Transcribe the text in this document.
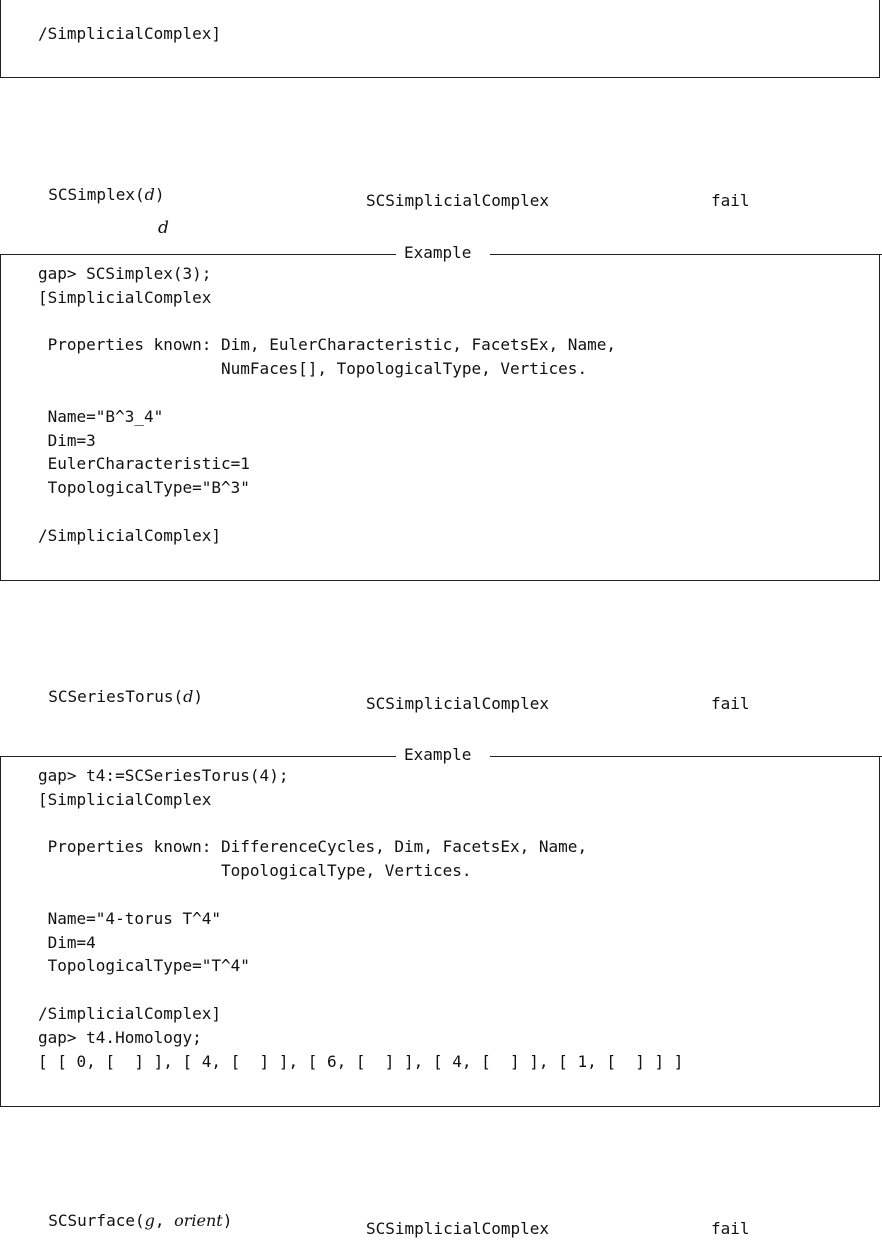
/SimplicialComplex]

SCSimplex(d)	SCSimplicialComplex	fail
d
Example
gap> SCSimplex(3);
[SimplicialComplex
Properties known: Dim, EulerCharacteristic, FacetsEx, Name,
NumFaces[], TopologicalType, Vertices.
Name="B^3_4"
Dim=3
EulerCharacteristic=1
TopologicalType="B^3"
/SimplicialComplex]

SCSeriesTorus(d)	SCSimplicialComplex	fail
Example
gap> t4:=SCSeriesTorus(4);
[SimplicialComplex
Properties known: DifferenceCycles, Dim, FacetsEx, Name,
TopologicalType, Vertices.
Name="4-torus T^4"
Dim=4
TopologicalType="T^4"
/SimplicialComplex]
gap> t4.Homology;
[ [ 0, [  ] ], [ 4, [  ] ], [ 6, [  ] ], [ 4, [  ] ], [ 1, [  ] ] ]

SCSurface(g, orient)	SCSimplicialComplex	fail
